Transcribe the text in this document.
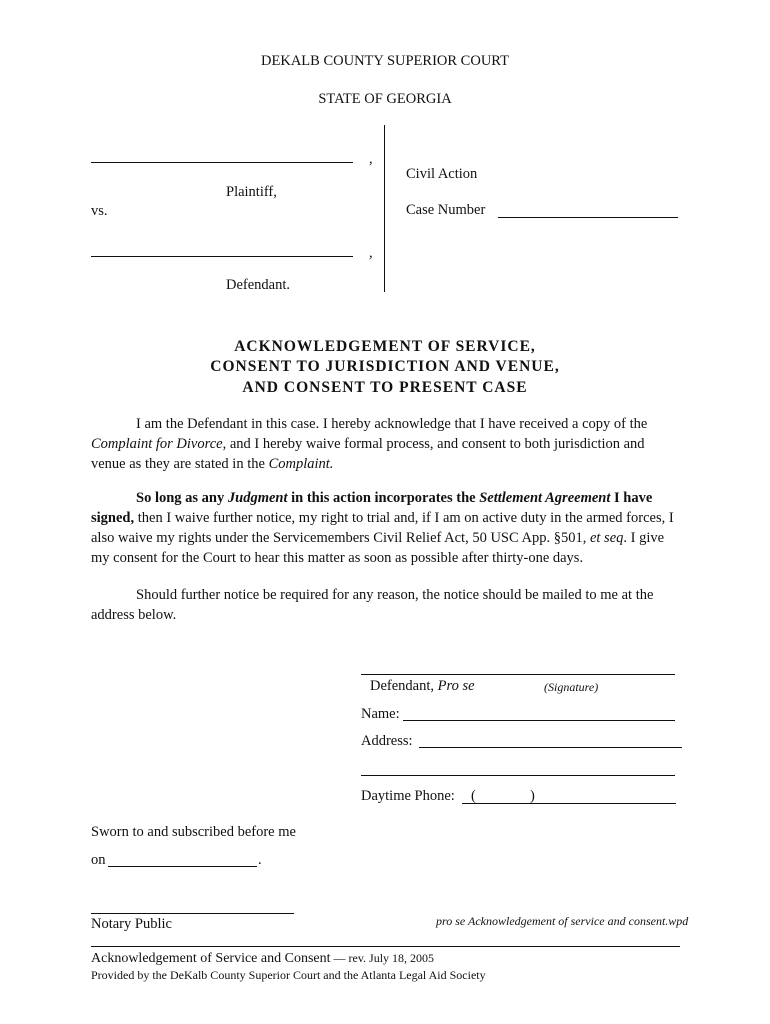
DEKALB COUNTY SUPERIOR COURT
STATE OF GEORGIA
,
Plaintiff,
vs.
,
Defendant.
Civil Action
Case Number
ACKNOWLEDGEMENT OF SERVICE,
CONSENT TO JURISDICTION AND VENUE,
AND CONSENT TO PRESENT CASE
I am the Defendant in this case. I hereby acknowledge that I have received a copy of the Complaint for Divorce, and I hereby waive formal process, and consent to both jurisdiction and venue as they are stated in the Complaint.
So long as any Judgment in this action incorporates the Settlement Agreement I have signed, then I waive further notice, my right to trial and, if I am on active duty in the armed forces, I also waive my rights under the Servicemembers Civil Relief Act, 50 USC App. §501, et seq. I give my consent for the Court to hear this matter as soon as possible after thirty-one days.
Should further notice be required for any reason, the notice should be mailed to me at the address below.
Defendant, Pro se	(Signature)
Name:
Address:
Daytime Phone: (	)
Sworn to and subscribed before me
on	.
Notary Public	pro se Acknowledgement of service and consent.wpd
Acknowledgement of Service and Consent — rev. July 18, 2005
Provided by the DeKalb County Superior Court and the Atlanta Legal Aid Society
